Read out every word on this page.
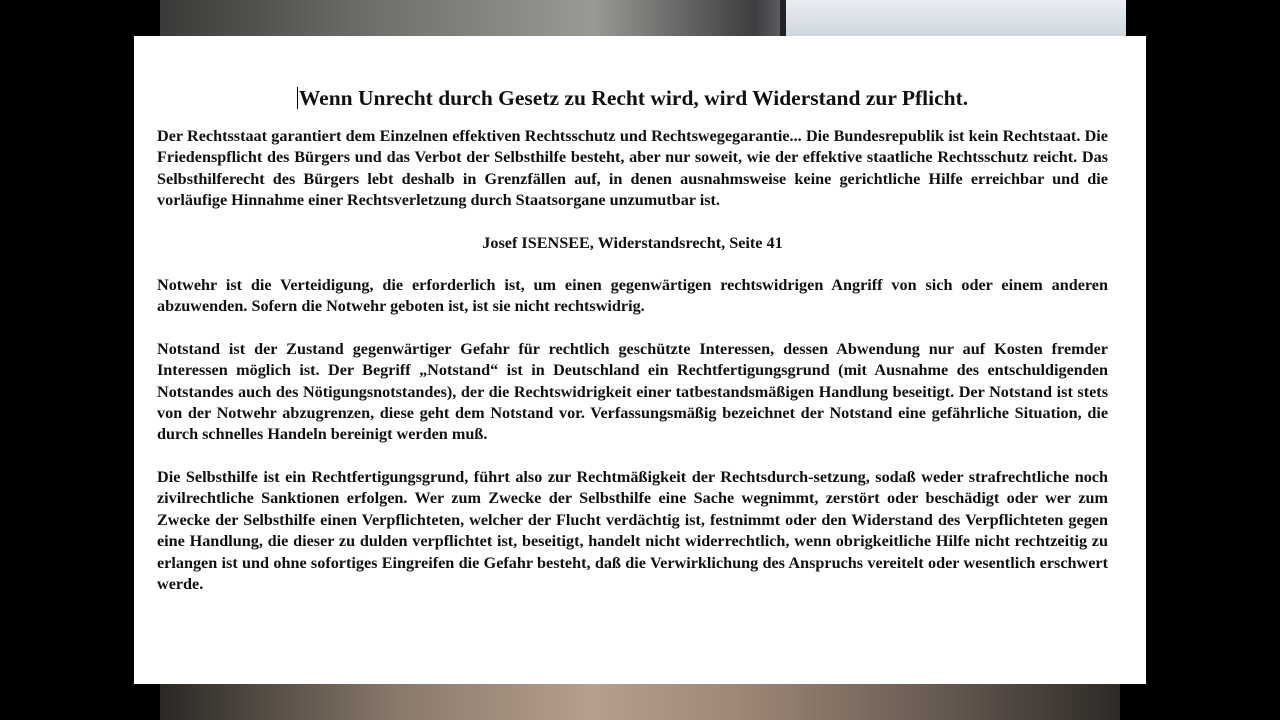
Wenn Unrecht durch Gesetz zu Recht wird, wird Widerstand zur Pflicht.

Der Rechtsstaat garantiert dem Einzelnen effektiven Rechtsschutz und Rechtswegegarantie... Die Bundesrepublik ist kein Rechtstaat. Die Friedenspflicht des Bürgers und das Verbot der Selbsthilfe besteht, aber nur soweit, wie der effektive staatliche Rechtsschutz reicht. Das Selbsthilferecht des Bürgers lebt deshalb in Grenzfällen auf, in denen ausnahmsweise keine gerichtliche Hilfe erreichbar und die vorläufige Hinnahme einer Rechtsverletzung durch Staatsorgane unzumutbar ist.

Josef ISENSEE, Widerstandsrecht, Seite 41

Notwehr ist die Verteidigung, die erforderlich ist, um einen gegenwärtigen rechtswidrigen Angriff von sich oder einem anderen abzuwenden. Sofern die Notwehr geboten ist, ist sie nicht rechtswidrig.

Notstand ist der Zustand gegenwärtiger Gefahr für rechtlich geschützte Interessen, dessen Abwendung nur auf Kosten fremder Interessen möglich ist. Der Begriff „Notstand“ ist in Deutschland ein Rechtfertigungsgrund (mit Ausnahme des entschuldigenden Notstandes auch des Nötigungsnotstandes), der die Rechtswidrigkeit einer tatbestandsmäßigen Handlung beseitigt. Der Notstand ist stets von der Notwehr abzugrenzen, diese geht dem Notstand vor. Verfassungsmäßig bezeichnet der Notstand eine gefährliche Situation, die durch schnelles Handeln bereinigt werden muß.

Die Selbsthilfe ist ein Rechtfertigungsgrund, führt also zur Rechtmäßigkeit der Rechtsdurch-setzung, sodaß weder strafrechtliche noch zivilrechtliche Sanktionen erfolgen. Wer zum Zwecke der Selbsthilfe eine Sache wegnimmt, zerstört oder beschädigt oder wer zum Zwecke der Selbsthilfe einen Verpflichteten, welcher der Flucht verdächtig ist, festnimmt oder den Widerstand des Verpflichteten gegen eine Handlung, die dieser zu dulden verpflichtet ist, beseitigt, handelt nicht widerrechtlich, wenn obrigkeitliche Hilfe nicht rechtzeitig zu erlangen ist und ohne sofortiges Eingreifen die Gefahr besteht, daß die Verwirklichung des Anspruchs vereitelt oder wesentlich erschwert werde.
